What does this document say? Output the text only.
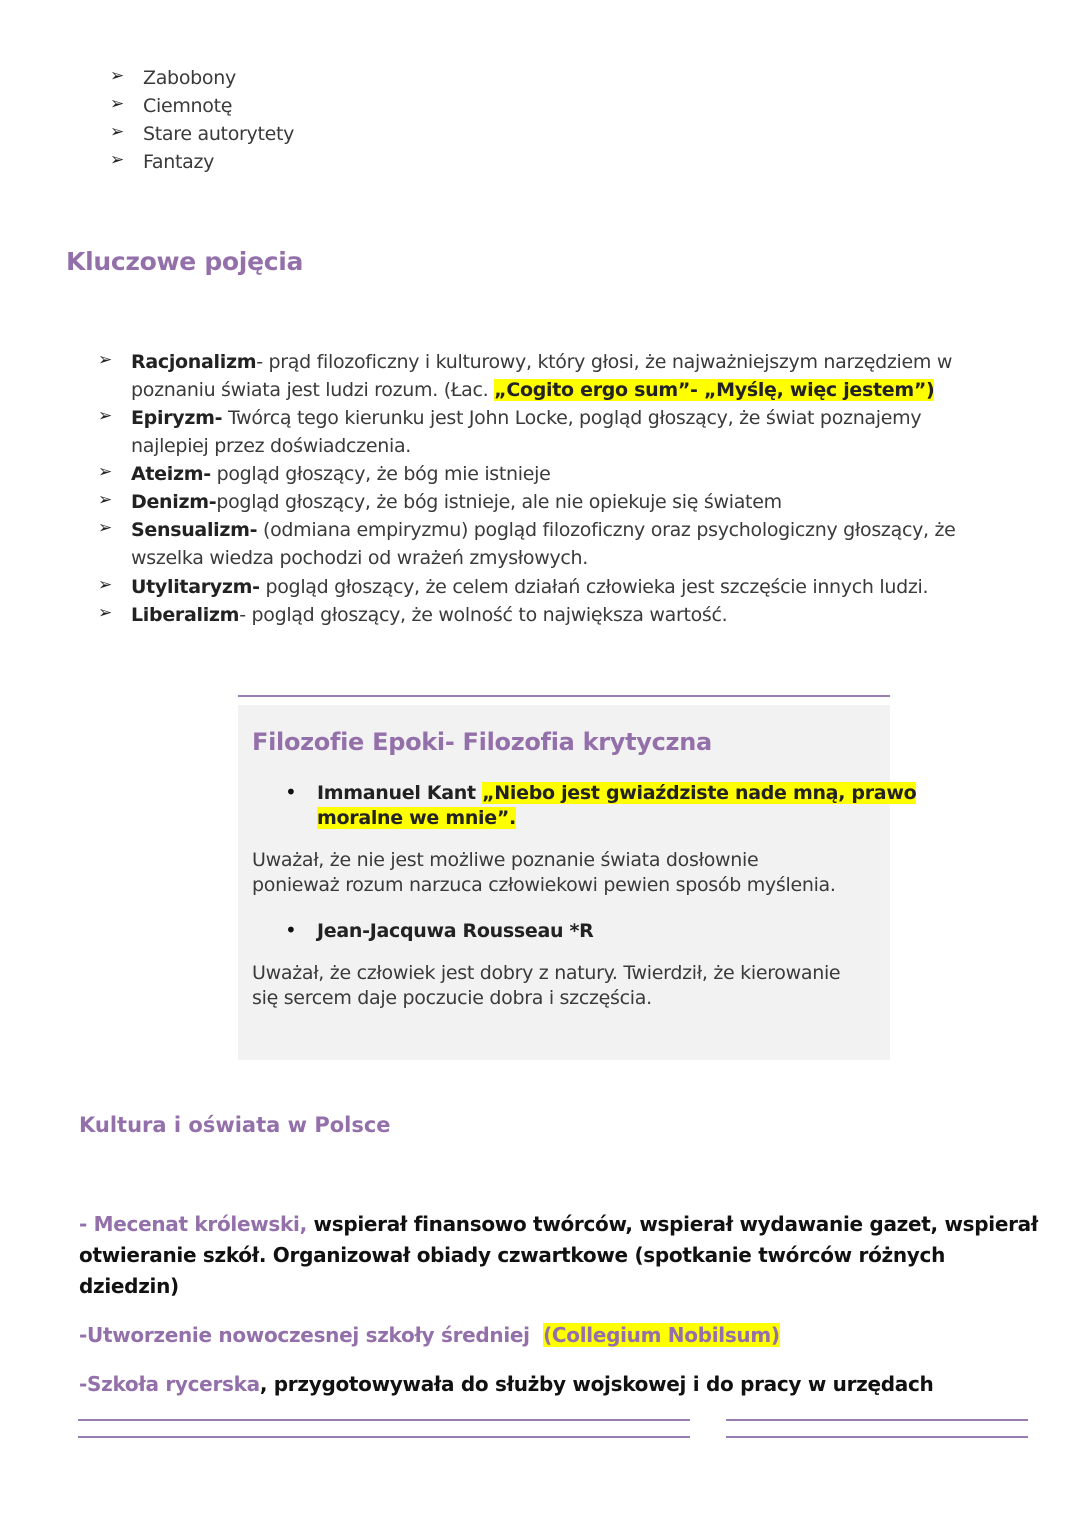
➢ Zabobony
➢ Ciemnotę
➢ Stare autorytety
➢ Fantazy
Kluczowe pojęcia
➢ Racjonalizm- prąd filozoficzny i kulturowy, który głosi, że najważniejszym narzędziem w
poznaniu świata jest ludzi rozum. (Łac. „Cogito ergo sum”- „Myślę, więc jestem”)
➢ Epiryzm- Twórcą tego kierunku jest John Locke, pogląd głoszący, że świat poznajemy
najlepiej przez doświadczenia.
➢ Ateizm- pogląd głoszący, że bóg mie istnieje
➢ Denizm-pogląd głoszący, że bóg istnieje, ale nie opiekuje się światem
➢ Sensualizm- (odmiana empiryzmu) pogląd filozoficzny oraz psychologiczny głoszący, że
wszelka wiedza pochodzi od wrażeń zmysłowych.
➢ Utylitaryzm- pogląd głoszący, że celem działań człowieka jest szczęście innych ludzi.
➢ Liberalizm- pogląd głoszący, że wolność to największa wartość.
Filozofie Epoki- Filozofia krytyczna
• Immanuel Kant „Niebo jest gwiaździste nade mną, prawo
moralne we mnie”.
Uważał, że nie jest możliwe poznanie świata dosłownie
ponieważ rozum narzuca człowiekowi pewien sposób myślenia.
• Jean-Jacquwa Rousseau *R
Uważał, że człowiek jest dobry z natury. Twierdził, że kierowanie
się sercem daje poczucie dobra i szczęścia.
Kultura i oświata w Polsce
- Mecenat królewski, wspierał finansowo twórców, wspierał wydawanie gazet, wspierał
otwieranie szkół. Organizował obiady czwartkowe (spotkanie twórców różnych
dziedzin)
-Utworzenie nowoczesnej szkoły średniej  (Collegium Nobilsum)
-Szkoła rycerska, przygotowywała do służby wojskowej i do pracy w urzędach
